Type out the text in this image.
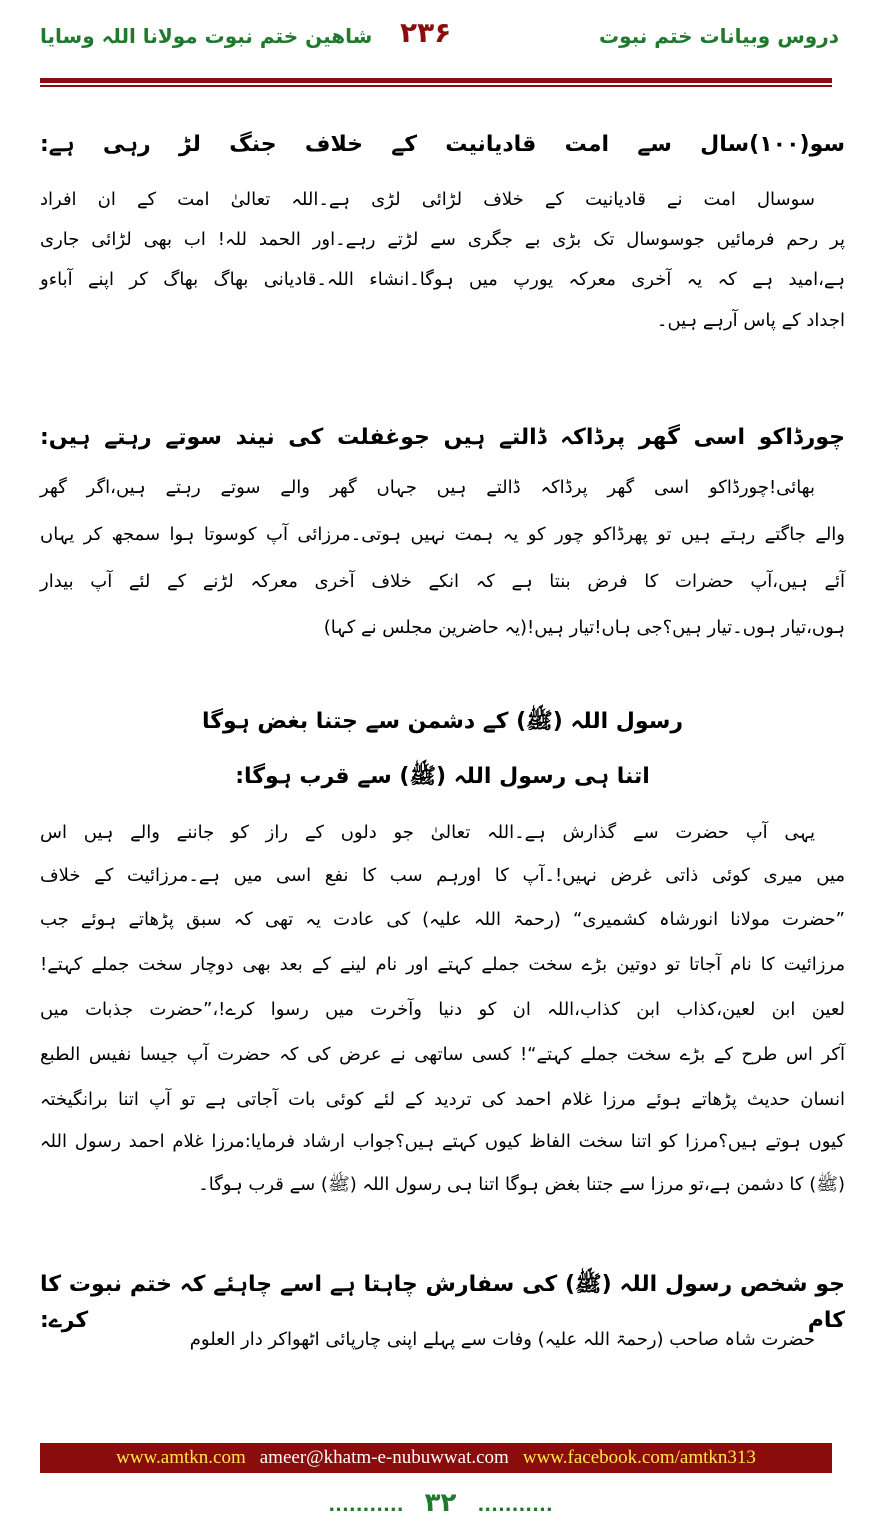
دروس وبیانات ختم نبوت
۲۳۶
شاهین ختم نبوت مولانا اللہ وسایا
سو(۱۰۰)سال سے امت قادیانیت کے خلاف جنگ لڑ رہی ہے:
سوسال امت نے قادیانیت کے خلاف لڑائی لڑی ہے۔اللہ تعالیٰ امت کے ان افراد
پر رحم فرمائیں جوسوسال تک بڑی بے جگری سے لڑتے رہے۔اور الحمد للہ! اب بھی لڑائی جاری
ہے،امید ہے کہ یہ آخری معرکہ یورپ میں ہوگا۔انشاء اللہ۔قادیانی بھاگ بھاگ کر اپنے آباءو
اجداد کے پاس آرہے ہیں۔
چورڈاکو اسی گھر پرڈاکہ ڈالتے ہیں جوغفلت کی نیند سوتے رہتے ہیں:
بھائی!چورڈاکو اسی گھر پرڈاکہ ڈالتے ہیں جہاں گھر والے سوتے رہتے ہیں،اگر گھر
والے جاگتے رہتے ہیں تو پھرڈاکو چور کو یہ ہمت نہیں ہوتی۔مرزائی آپ کوسوتا ہوا سمجھ کر یہاں
آئے ہیں،آپ حضرات کا فرض بنتا ہے کہ انکے خلاف آخری معرکہ لڑنے کے لئے آپ بیدار
ہوں،تیار ہوں۔تیار ہیں؟جی ہاں!تیار ہیں!(یہ حاضرین مجلس نے کہا)
رسول اللہ (ﷺ) کے دشمن سے جتنا بغض ہوگا
اتنا ہی رسول اللہ (ﷺ) سے قرب ہوگا:
یہی آپ حضرت سے گذارش ہے۔اللہ تعالیٰ جو دلوں کے راز کو جاننے والے ہیں اس
میں میری کوئی ذاتی غرض نہیں!۔آپ کا اورہم سب کا نفع اسی میں ہے۔مرزائیت کے خلاف
”حضرت مولانا انورشاہ کشمیری“ (رحمۃ اللہ علیہ) کی عادت یہ تھی کہ سبق پڑھاتے ہوئے جب
مرزائیت کا نام آجاتا تو دوتین بڑے سخت جملے کہتے اور نام لینے کے بعد بھی دوچار سخت جملے کہتے!
لعین ابن لعین،کذاب ابن کذاب،اللہ ان کو دنیا وآخرت میں رسوا کرے!،”حضرت جذبات میں
آکر اس طرح کے بڑے سخت جملے کہتے“! کسی ساتھی نے عرض کی کہ حضرت آپ جیسا نفیس الطبع
انسان حدیث پڑھاتے ہوئے مرزا غلام احمد کی تردید کے لئے کوئی بات آجاتی ہے تو آپ اتنا برانگیختہ
کیوں ہوتے ہیں؟مرزا کو اتنا سخت الفاظ کیوں کہتے ہیں؟جواب ارشاد فرمایا:مرزا غلام احمد رسول اللہ
(ﷺ) کا دشمن ہے،تو مرزا سے جتنا بغض ہوگا اتنا ہی رسول اللہ (ﷺ) سے قرب ہوگا۔
جو شخص رسول اللہ (ﷺ) کی سفارش چاہتا ہے اسے چاہئے کہ ختم نبوت کا کام کرے:
حضرت شاہ صاحب (رحمۃ اللہ علیہ) وفات سے پہلے اپنی چارپائی اٹھواکر دار العلوم
www.amtkn.com ameer@khatm-e-nubuwwat.com www.facebook.com/amtkn313
........... ۳۲ ...........
